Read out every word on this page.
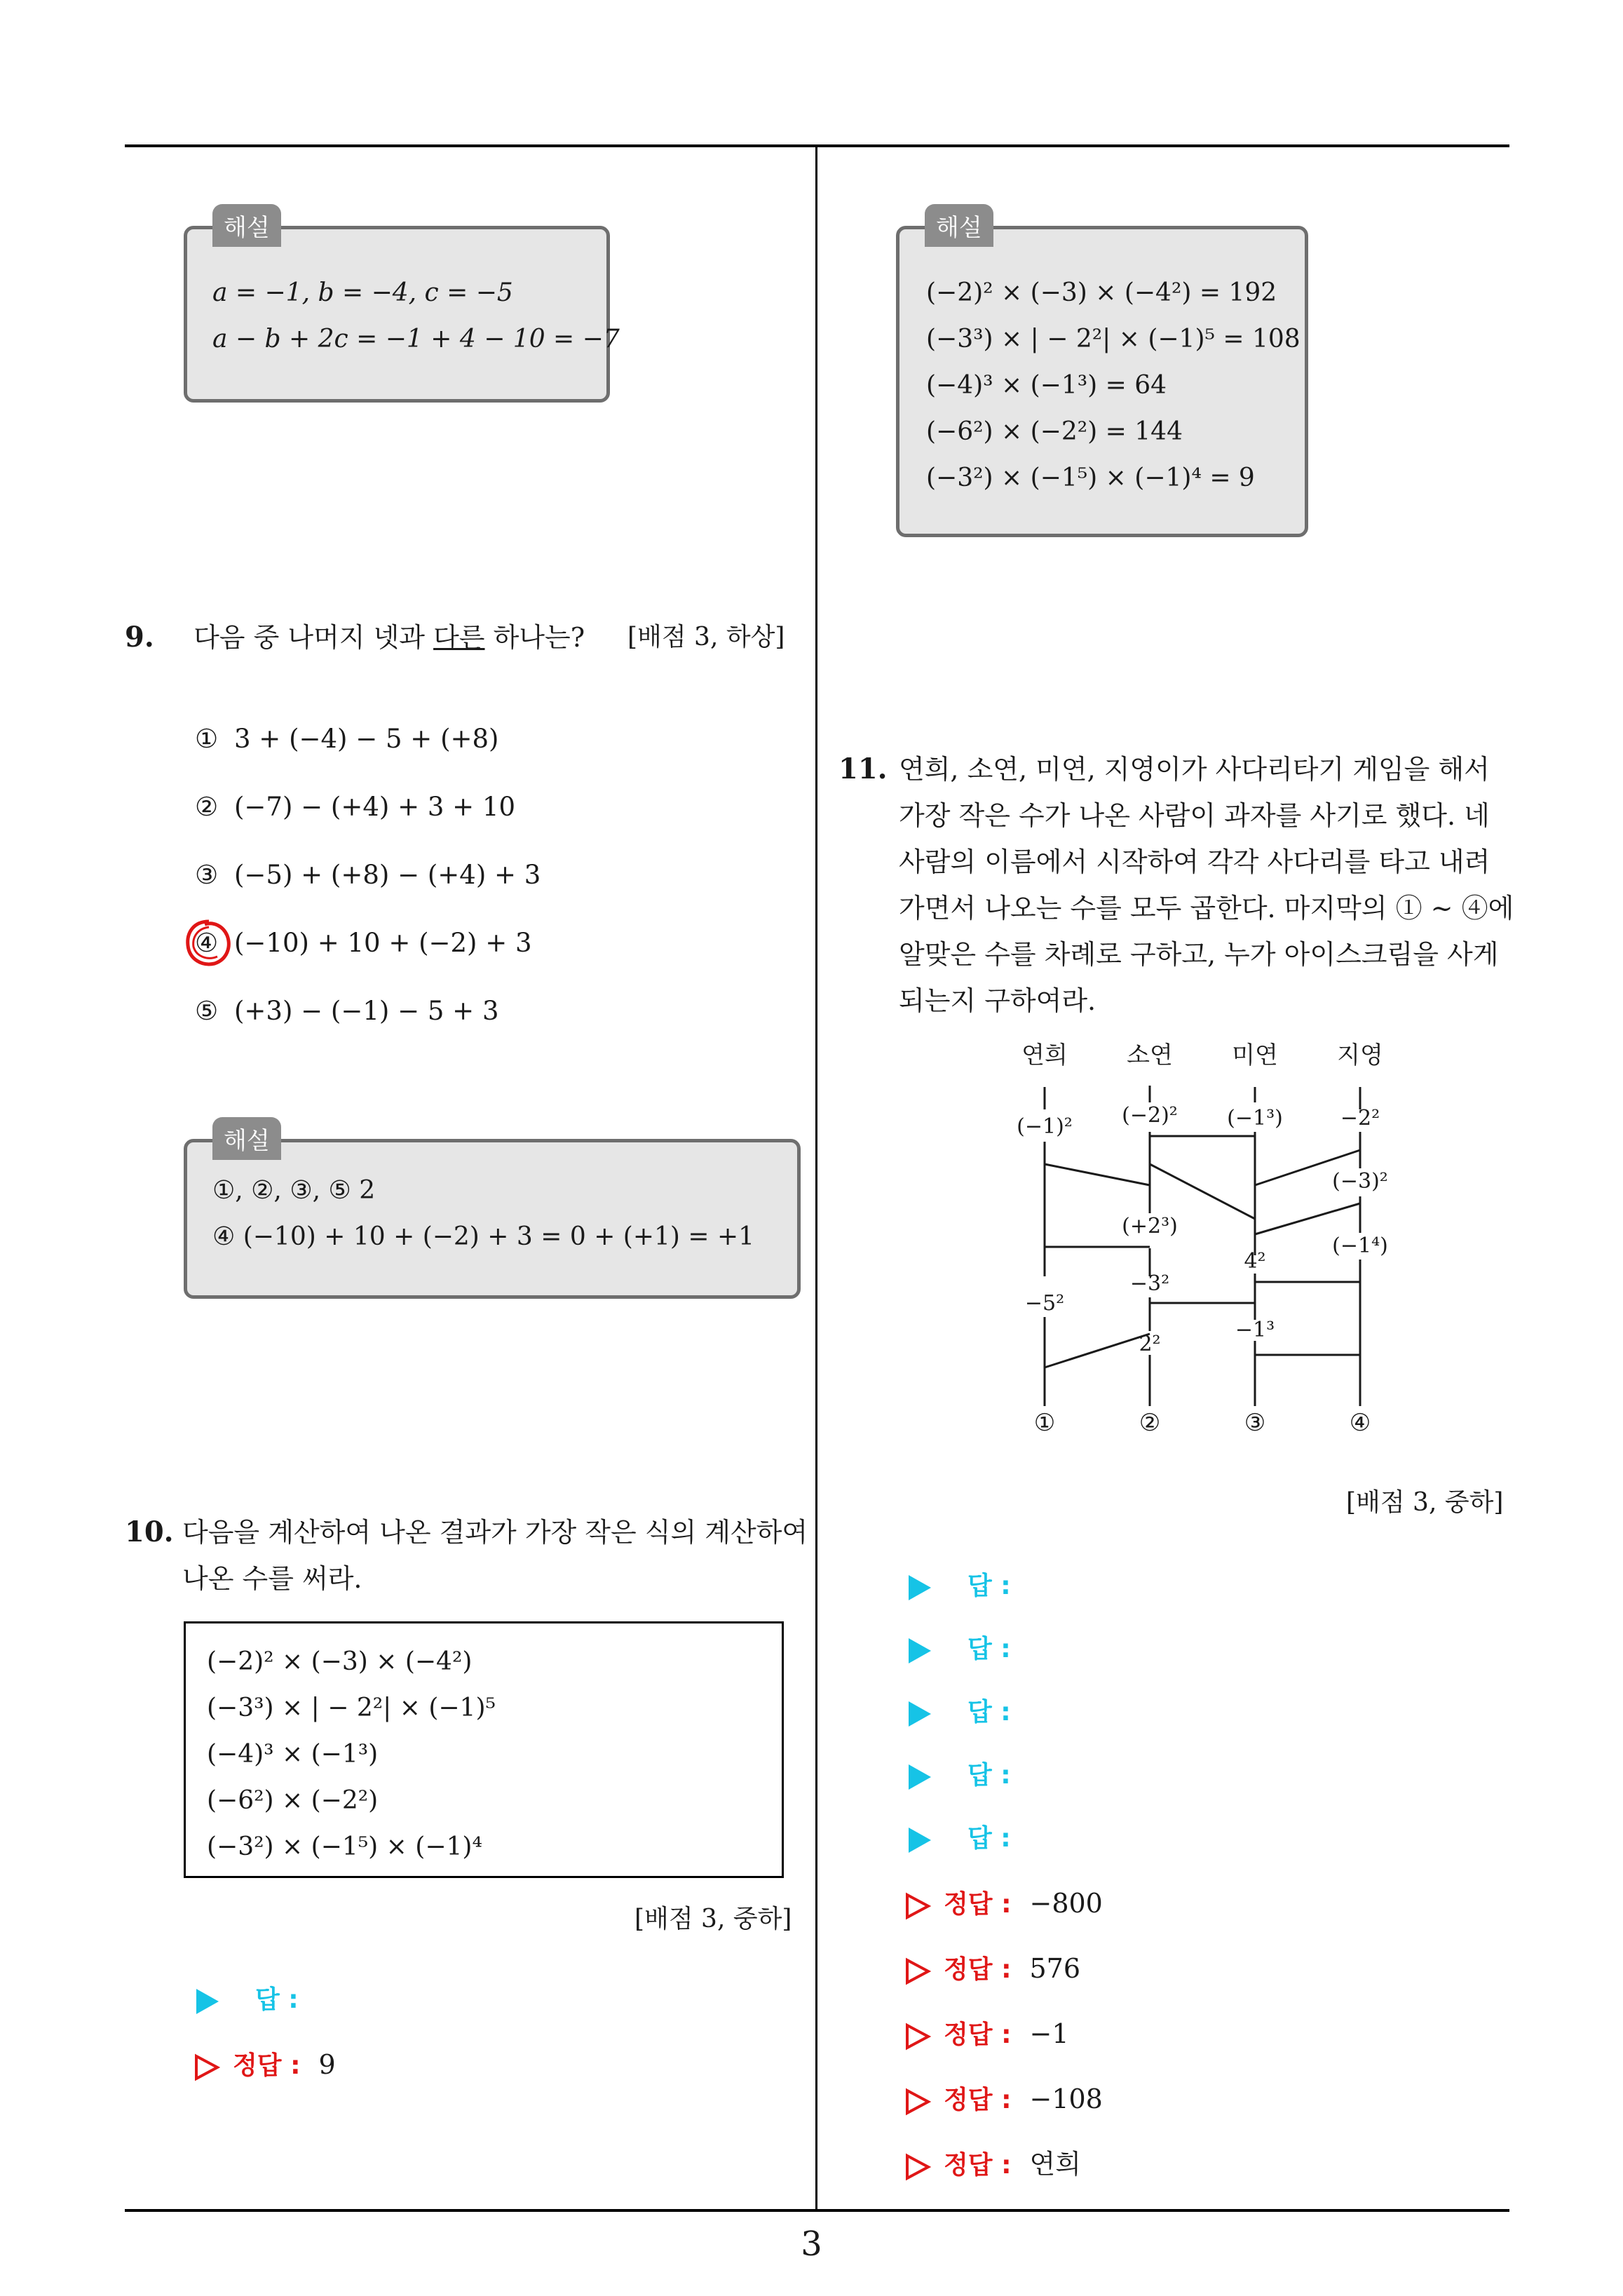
해설
a = −1, b = −4, c = −5
a − b + 2c = −1 + 4 − 10 = −7
9. 다음 중 나머지 넷과 다른 하나는?	[배점 3, 하상]
① 3 + (−4) − 5 + (+8)
② (−7) − (+4) + 3 + 10
③ (−5) + (+8) − (+4) + 3
④ (−10) + 10 + (−2) + 3
⑤ (+3) − (−1) − 5 + 3
해설
①, ②, ③, ⑤ 2
④ (−10) + 10 + (−2) + 3 = 0 + (+1) = +1
10. 다음을 계산하여 나온 결과가 가장 작은 식의 계산하여
나온 수를 써라.
(−2)² × (−3) × (−4²)
(−3³) × | − 2²| × (−1)⁵
(−4)³ × (−1³)
(−6²) × (−2²)
(−3²) × (−1⁵) × (−1)⁴
[배점 3, 중하]
답 :
정답 : 9
해설
(−2)² × (−3) × (−4²) = 192
(−3³) × | − 2²| × (−1)⁵ = 108
(−4)³ × (−1³) = 64
(−6²) × (−2²) = 144
(−3²) × (−1⁵) × (−1)⁴ = 9
11. 연희, 소연, 미연, 지영이가 사다리타기 게임을 해서
가장 작은 수가 나온 사람이 과자를 사기로 했다. 네
사람의 이름에서 시작하여 각각 사다리를 타고 내려
가면서 나오는 수를 모두 곱한다. 마지막의 ① ∼ ④에
알맞은 수를 차례로 구하고, 누가 아이스크림을 사게
되는지 구하여라.
연희 소연 미연 지영
(−1)² (−2)² (−1³)	−2²
(−3)²
(+2³)
(−1⁴)
−3²
4²
−5²
−1³
2²
①	②	③	④
[배점 3, 중하]
답 :
답 :
답 :
답 :
답 :
정답 : −800
정답 : 576
정답 : −1
정답 : −108
정답 : 연희
3
